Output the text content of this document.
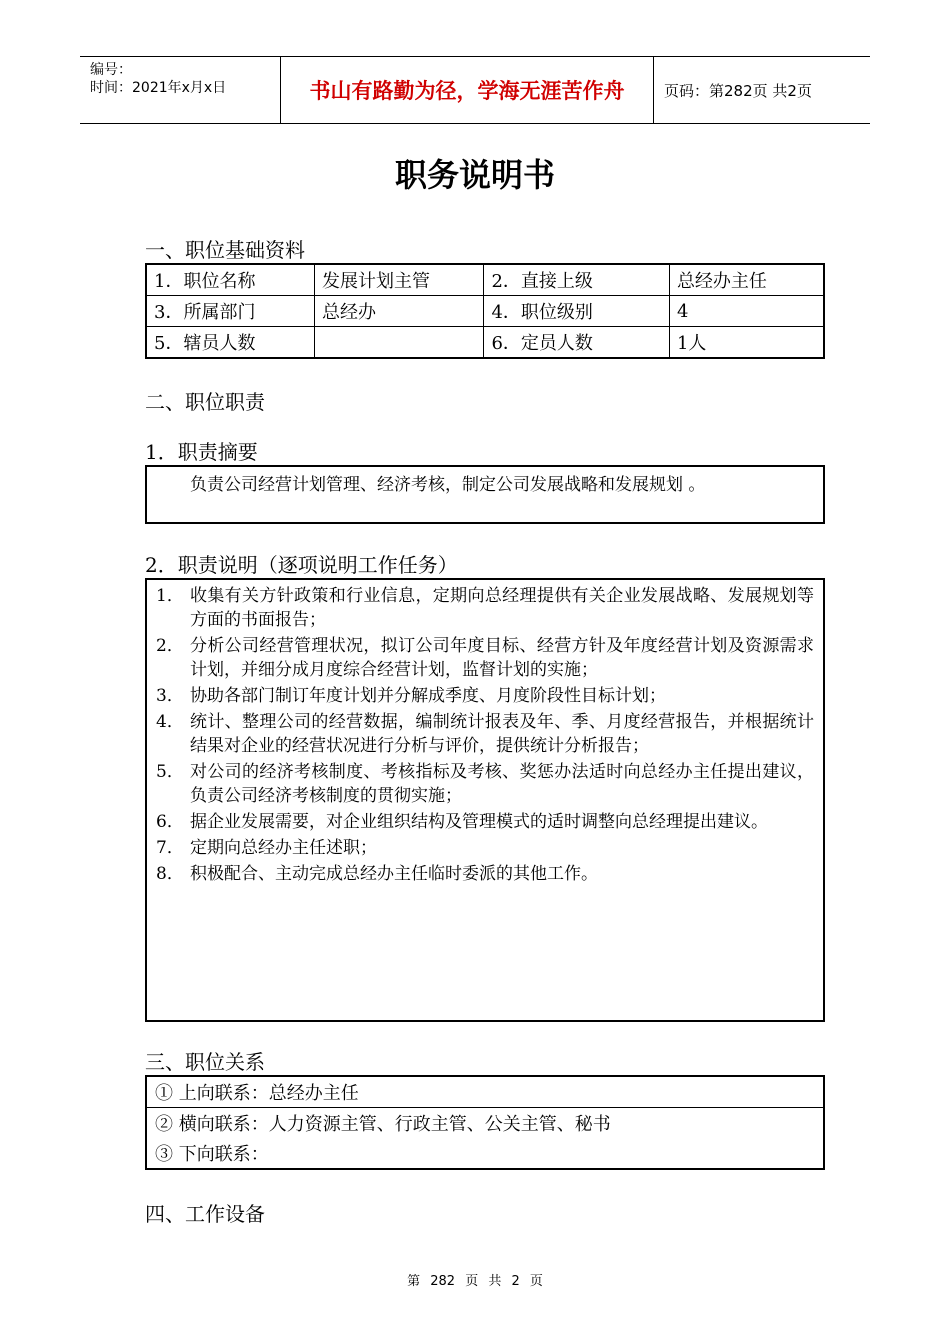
编号：
时间：2021年x月x日	书山有路勤为径，学海无涯苦作舟	页码：第282页 共2页
职务说明书
一、职位基础资料
1．职位名称	发展计划主管	2．直接上级	总经办主任
3．所属部门	总经办	4．职位级别	4
5．辖员人数		6．定员人数	1人
二、职位职责
1．职责摘要
负责公司经营计划管理、经济考核，制定公司发展战略和发展规划 。
2．职责说明（逐项说明工作任务）
1． 收集有关方针政策和行业信息，定期向总经理提供有关企业发展战略、发展规划等方面的书面报告；
2． 分析公司经营管理状况，拟订公司年度目标、经营方针及年度经营计划及资源需求计划，并细分成月度综合经营计划，监督计划的实施；
3． 协助各部门制订年度计划并分解成季度、月度阶段性目标计划；
4． 统计、整理公司的经营数据，编制统计报表及年、季、月度经营报告，并根据统计结果对企业的经营状况进行分析与评价，提供统计分析报告；
5． 对公司的经济考核制度、考核指标及考核、奖惩办法适时向总经办主任提出建议，负责公司经济考核制度的贯彻实施；
6． 据企业发展需要，对企业组织结构及管理模式的适时调整向总经理提出建议。
7． 定期向总经办主任述职；
8． 积极配合、主动完成总经办主任临时委派的其他工作。
三、职位关系
① 上向联系：总经办主任
② 横向联系：人力资源主管、行政主管、公关主管、秘书
③ 下向联系：
四、工作设备
第 282 页 共 2 页
